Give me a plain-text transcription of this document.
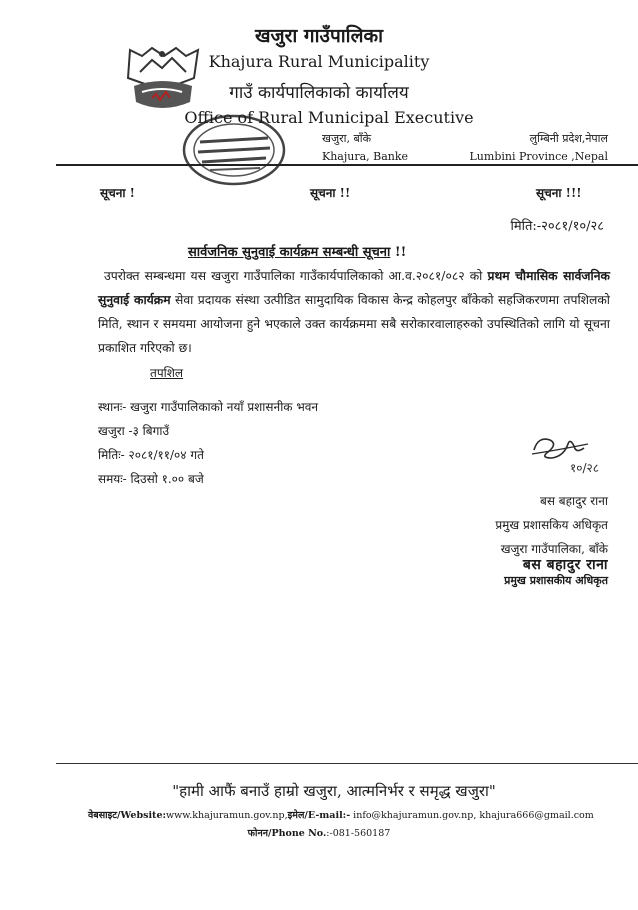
खजुरा गाउँपालिका
Khajura Rural Municipality
गाउँ कार्यपालिकाको कार्यालय
Office of Rural Municipal Executive
खजुरा, बाँके
Khajura, Banke
लुम्बिनी प्रदेश,नेपाल
Lumbini Province ,Nepal
सूचना !	सूचना !!	सूचना !!!
मिति:-२०८१/१०/२८
सार्वजनिक सुनुवाई कार्यक्रम सम्बन्धी सूचना !!
उपरोक्त सम्बन्धमा यस खजुरा गाउँपालिका गाउँकार्यपालिकाको आ.व.२०८१/०८२ को प्रथम चौमासिक सार्वजनिक सुनुवाई कार्यक्रम सेवा प्रदायक संस्था उत्पीडित सामुदायिक विकास केन्द्र कोहलपुर बाँकेको सहजिकरणमा तपशिलको मिति, स्थान र समयमा आयोजना हुने भएकाले उक्त कार्यक्रममा सबै सरोकारवालाहरुको उपस्थितिको लागि यो सूचना प्रकाशित गरिएको छ।
तपशिल
स्थानः- खजुरा गाउँपालिकाको नयाँ प्रशासनीक भवन
खजुरा -३ बिगाउँ
मितिः- २०८१/११/०४ गते
समयः- दिउसो १.०० बजे
१०/२८
बस बहादुर राना
प्रमुख प्रशासकिय अधिकृत
खजुरा गाउँपालिका, बाँके
बस बहादुर राना
प्रमुख प्रशासकीय अधिकृत
"हामी आफैं बनाउँ हाम्रो खजुरा, आत्मनिर्भर र समृद्ध खजुरा"
वेबसाइट/Website:www.khajuramun.gov.np,इमेल/E-mail:- info@khajuramun.gov.np, khajura666@gmail.com
फोनन/Phone No.:-081-560187
